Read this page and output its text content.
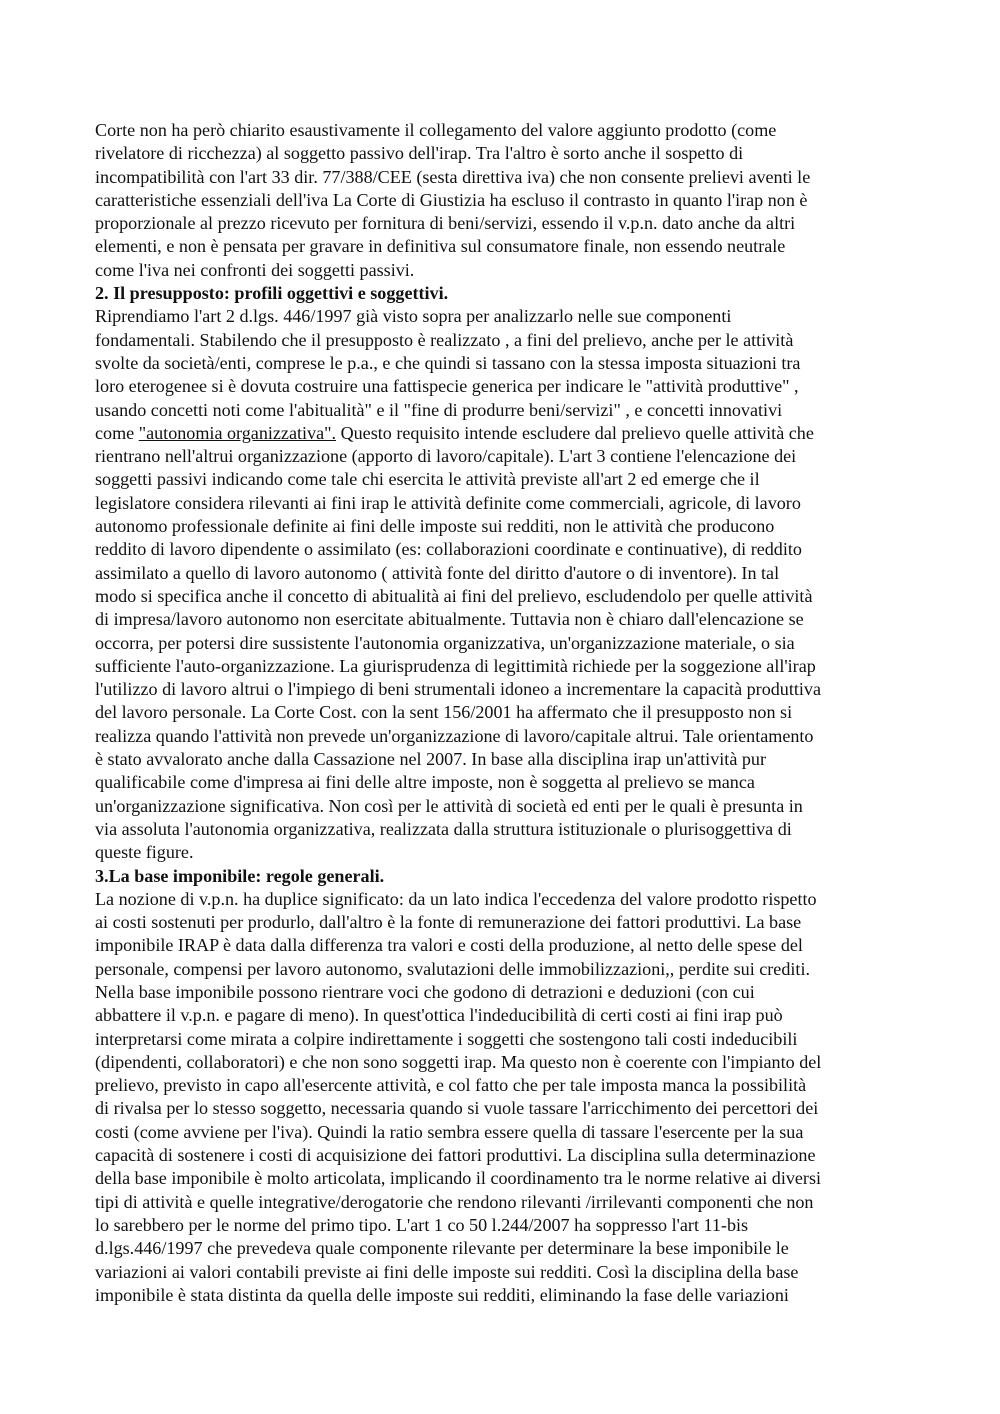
Corte non ha però chiarito esaustivamente il collegamento del valore aggiunto prodotto (come
rivelatore di ricchezza) al soggetto passivo dell'irap. Tra l'altro è sorto anche il sospetto di
incompatibilità con l'art 33 dir. 77/388/CEE (sesta direttiva iva) che non consente prelievi aventi le
caratteristiche essenziali dell'iva La Corte di Giustizia ha escluso il contrasto in quanto l'irap non è
proporzionale al prezzo ricevuto per fornitura di beni/servizi, essendo il v.p.n. dato anche da altri
elementi, e non è pensata per gravare in definitiva sul consumatore finale, non essendo neutrale
come l'iva nei confronti dei soggetti passivi.
2. Il presupposto: profili oggettivi e soggettivi.
Riprendiamo l'art 2 d.lgs. 446/1997 già visto sopra per analizzarlo nelle sue componenti
fondamentali. Stabilendo che il presupposto è realizzato , a fini del prelievo, anche per le attività
svolte da società/enti, comprese le p.a., e che quindi si tassano con la stessa imposta situazioni tra
loro eterogenee si è dovuta costruire una fattispecie generica per indicare le "attività produttive" ,
usando concetti noti come l'abitualità" e il "fine di produrre beni/servizi" , e concetti innovativi
come "autonomia organizzativa". Questo requisito intende escludere dal prelievo quelle attività che
rientrano nell'altrui organizzazione (apporto di lavoro/capitale). L'art 3 contiene l'elencazione dei
soggetti passivi indicando come tale chi esercita le attività previste all'art 2 ed emerge che il
legislatore considera rilevanti ai fini irap le attività definite come commerciali, agricole, di lavoro
autonomo professionale definite ai fini delle imposte sui redditi, non le attività che producono
reddito di lavoro dipendente o assimilato (es: collaborazioni coordinate e continuative), di reddito
assimilato a quello di lavoro autonomo ( attività fonte del diritto d'autore o di inventore). In tal
modo si specifica anche il concetto di abitualità ai fini del prelievo, escludendolo per quelle attività
di impresa/lavoro autonomo non esercitate abitualmente. Tuttavia non è chiaro dall'elencazione se
occorra, per potersi dire sussistente l'autonomia organizzativa, un'organizzazione materiale, o sia
sufficiente l'auto-organizzazione. La giurisprudenza di legittimità richiede per la soggezione all'irap
l'utilizzo di lavoro altrui o l'impiego di beni strumentali idoneo a incrementare la capacità produttiva
del lavoro personale. La Corte Cost. con la sent 156/2001 ha affermato che il presupposto non si
realizza quando l'attività non prevede un'organizzazione di lavoro/capitale altrui. Tale orientamento
è stato avvalorato anche dalla Cassazione nel 2007. In base alla disciplina irap un'attività pur
qualificabile come d'impresa ai fini delle altre imposte, non è soggetta al prelievo se manca
un'organizzazione significativa. Non così per le attività di società ed enti per le quali è presunta in
via assoluta l'autonomia organizzativa, realizzata dalla struttura istituzionale o plurisoggettiva di
queste figure.
3.La base imponibile: regole generali.
La nozione di v.p.n. ha duplice significato: da un lato indica l'eccedenza del valore prodotto rispetto
ai costi sostenuti per produrlo, dall'altro è la fonte di remunerazione dei fattori produttivi. La base
imponibile IRAP è data dalla differenza tra valori e costi della produzione, al netto delle spese del
personale, compensi per lavoro autonomo, svalutazioni delle immobilizzazioni,, perdite sui crediti.
Nella base imponibile possono rientrare voci che godono di detrazioni e deduzioni (con cui
abbattere il v.p.n. e pagare di meno). In quest'ottica l'indeducibilità di certi costi ai fini irap può
interpretarsi come mirata a colpire indirettamente i soggetti che sostengono tali costi indeducibili
(dipendenti, collaboratori) e che non sono soggetti irap. Ma questo non è coerente con l'impianto del
prelievo, previsto in capo all'esercente attività, e col fatto che per tale imposta manca la possibilità
di rivalsa per lo stesso soggetto, necessaria quando si vuole tassare l'arricchimento dei percettori dei
costi (come avviene per l'iva). Quindi la ratio sembra essere quella di tassare l'esercente per la sua
capacità di sostenere i costi di acquisizione dei fattori produttivi. La disciplina sulla determinazione
della base imponibile è molto articolata, implicando il coordinamento tra le norme relative ai diversi
tipi di attività e quelle integrative/derogatorie che rendono rilevanti /irrilevanti componenti che non
lo sarebbero per le norme del primo tipo. L'art 1 co 50 l.244/2007 ha soppresso l'art 11-bis
d.lgs.446/1997 che prevedeva quale componente rilevante per determinare la bese imponibile le
variazioni ai valori contabili previste ai fini delle imposte sui redditi. Così la disciplina della base
imponibile è stata distinta da quella delle imposte sui redditi, eliminando la fase delle variazioni
